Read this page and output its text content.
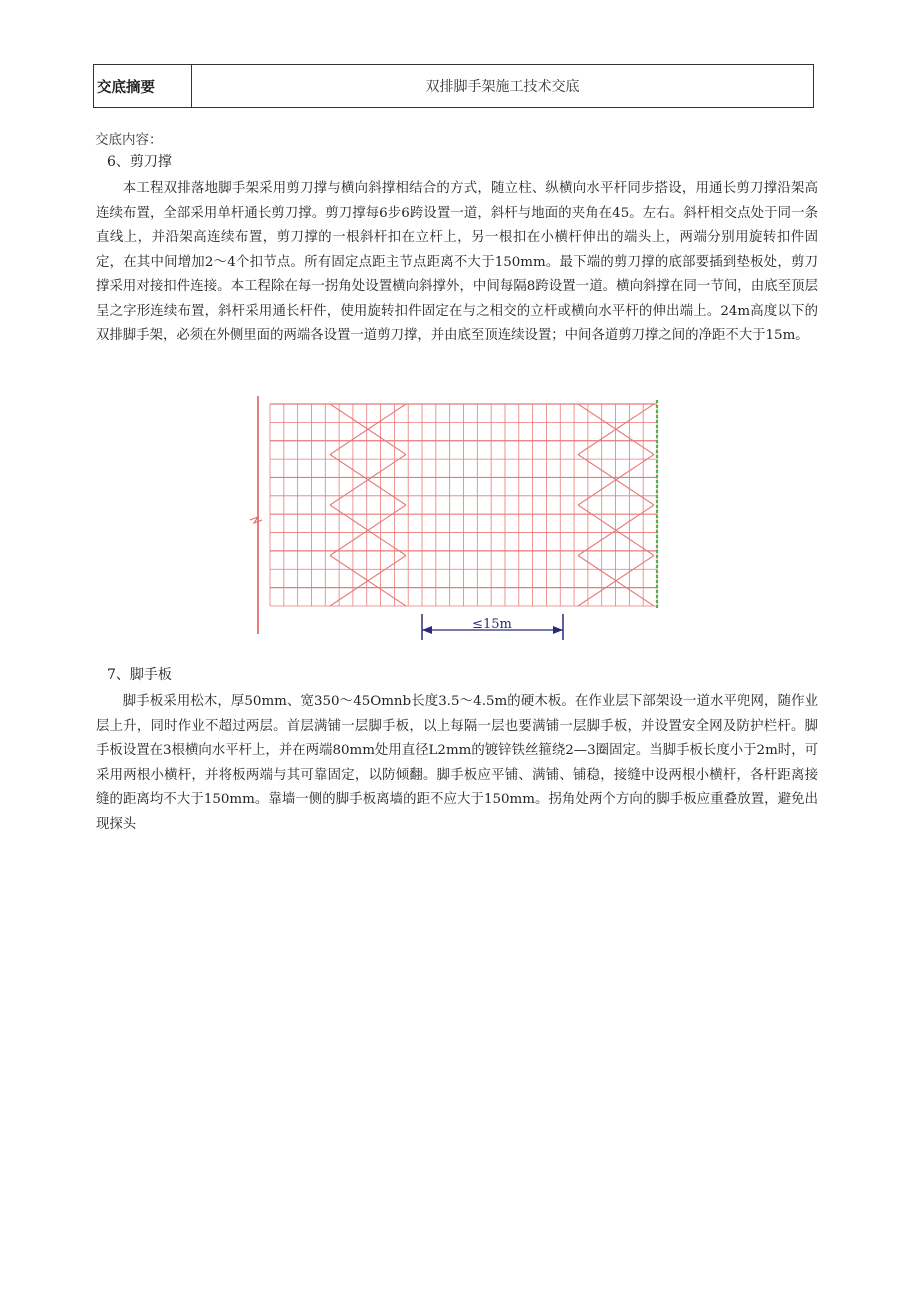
交底摘要	双排脚手架施工技术交底
交底内容：
6、剪刀撑

本工程双排落地脚手架采用剪刀撑与横向斜撑相结合的方式，随立柱、纵横向水平杆同步搭设，用通长剪刀撑沿架高连续布置，全部采用单杆通长剪刀撑。剪刀撑每6步6跨设置一道，斜杆与地面的夹角在45。左右。斜杆相交点处于同一条直线上，并沿架高连续布置，剪刀撑的一根斜杆扣在立杆上，另一根扣在小横杆伸出的端头上，两端分别用旋转扣件固定，在其中间增加2～4个扣节点。所有固定点距主节点距离不大于150mm。最下端的剪刀撑的底部要插到垫板处，剪刀撑采用对接扣件连接。本工程除在每一拐角处设置横向斜撑外，中间每隔8跨设置一道。横向斜撑在同一节间，由底至顶层呈之字形连续布置，斜杆采用通长杆件，使用旋转扣件固定在与之相交的立杆或横向水平杆的伸出端上。24m高度以下的双排脚手架，必须在外侧里面的两端各设置一道剪刀撑，并由底至顶连续设置；中间各道剪刀撑之间的净距不大于15m。

≤15m
7、脚手板

脚手板采用松木，厚50mm、宽350～45Omnb长度3.5～4.5m的硬木板。在作业层下部架设一道水平兜网，随作业层上升，同时作业不超过两层。首层满铺一层脚手板，以上每隔一层也要满铺一层脚手板，并设置安全网及防护栏杆。脚手板设置在3根横向水平杆上，并在两端80mm处用直径L2mm的镀锌铁丝箍绕2—3圈固定。当脚手板长度小于2m时，可采用两根小横杆，并将板两端与其可靠固定，以防倾翻。脚手板应平铺、满铺、铺稳，接缝中设两根小横杆，各杆距离接缝的距离均不大于150mm。靠墙一侧的脚手板离墙的距不应大于150mm。拐角处两个方向的脚手板应重叠放置，避免出现探头
